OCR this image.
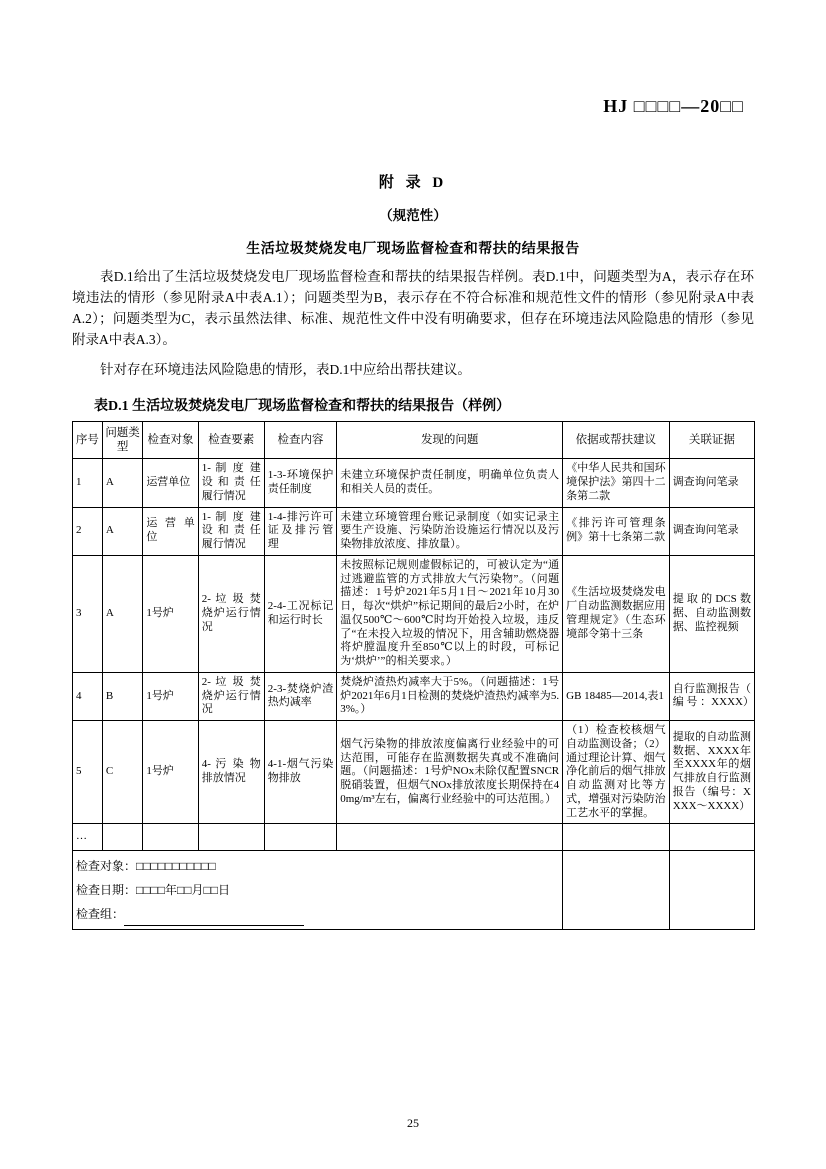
HJ □□□□—20□□
附 录 D
（规范性）
生活垃圾焚烧发电厂现场监督检查和帮扶的结果报告

表D.1给出了生活垃圾焚烧发电厂现场监督检查和帮扶的结果报告样例。表D.1中，问题类型为A，表示存在环境违法的情形（参见附录A中表A.1）；问题类型为B，表示存在不符合标准和规范性文件的情形（参见附录A中表A.2）；问题类型为C，表示虽然法律、标准、规范性文件中没有明确要求，但存在环境违法风险隐患的情形（参见附录A中表A.3）。

针对存在环境违法风险隐患的情形，表D.1中应给出帮扶建议。

表D.1 生活垃圾焚烧发电厂现场监督检查和帮扶的结果报告（样例）
序号	问题类型	检查对象	检查要素	检查内容	发现的问题	依据或帮扶建议	关联证据
1	A	运营单位	1- 制 度 建设 和 责 任履行情况	1-3-环境保护责任制度	未建立环境保护责任制度，明确单位负责人和相关人员的责任。	《中华人民共和国环境保护法》第四十二条第二款	调查询问笔录
2	A	运 营 单位	1- 制 度 建设 和 责 任履行情况	1-4-排污许可证及排污管理	未建立环境管理台账记录制度（如实记录主要生产设施、污染防治设施运行情况以及污染物排放浓度、排放量）。	《排污许可管理条例》第十七条第二款	调查询问笔录
3	A	1号炉	2- 垃 圾 焚烧炉运行情况	2-4-工况标记和运行时长	未按照标记规则虚假标记的，可被认定为“通过逃避监管的方式排放大气污染物”。（问题描述：1号炉2021年5月1日～2021年10月30日，每次“烘炉”标记期间的最后2小时，在炉温仅500℃～600℃时均开始投入垃圾，违反了“在未投入垃圾的情况下，用含辅助燃烧器将炉膛温度升至850℃以上的时段，可标记为‘烘炉’”的相关要求。）	《生活垃圾焚烧发电厂自动监测数据应用管理规定》（生态环境部令第十三条	提取的DCS数据、自动监测数据、监控视频
4	B	1号炉	2- 垃 圾 焚烧炉运行情况	2-3-焚烧炉渣热灼减率	焚烧炉渣热灼减率大于5%。（问题描述：1号炉2021年6月1日检测的焚烧炉渣热灼减率为5.3%。）	GB 18485—2014,表1	自行监测报告（ 编 号 ：XXXX）
5	C	1号炉	4- 污 染 物排放情况	4-1-烟气污染物排放	烟气污染物的排放浓度偏离行业经验中的可达范围，可能存在监测数据失真或不准确问题。（问题描述：1号炉NOx未除仅配置SNCR脱硝装置，但烟气NOx排放浓度长期保持在40mg/m³左右，偏离行业经验中的可达范围。）	（1）检查校核烟气自动监测设备；（2）通过理论计算、烟气净化前后的烟气排放自动监测对比等方式，增强对污染防治工艺水平的掌握。	提取的自动监测数据、XXXX年至XXXX年的烟气排放自行监测报告（编号：XXXX～XXXX）
…							

检查对象：□□□□□□□□□□□
检查日期：□□□□年□□月□□日
检查组：							

25
